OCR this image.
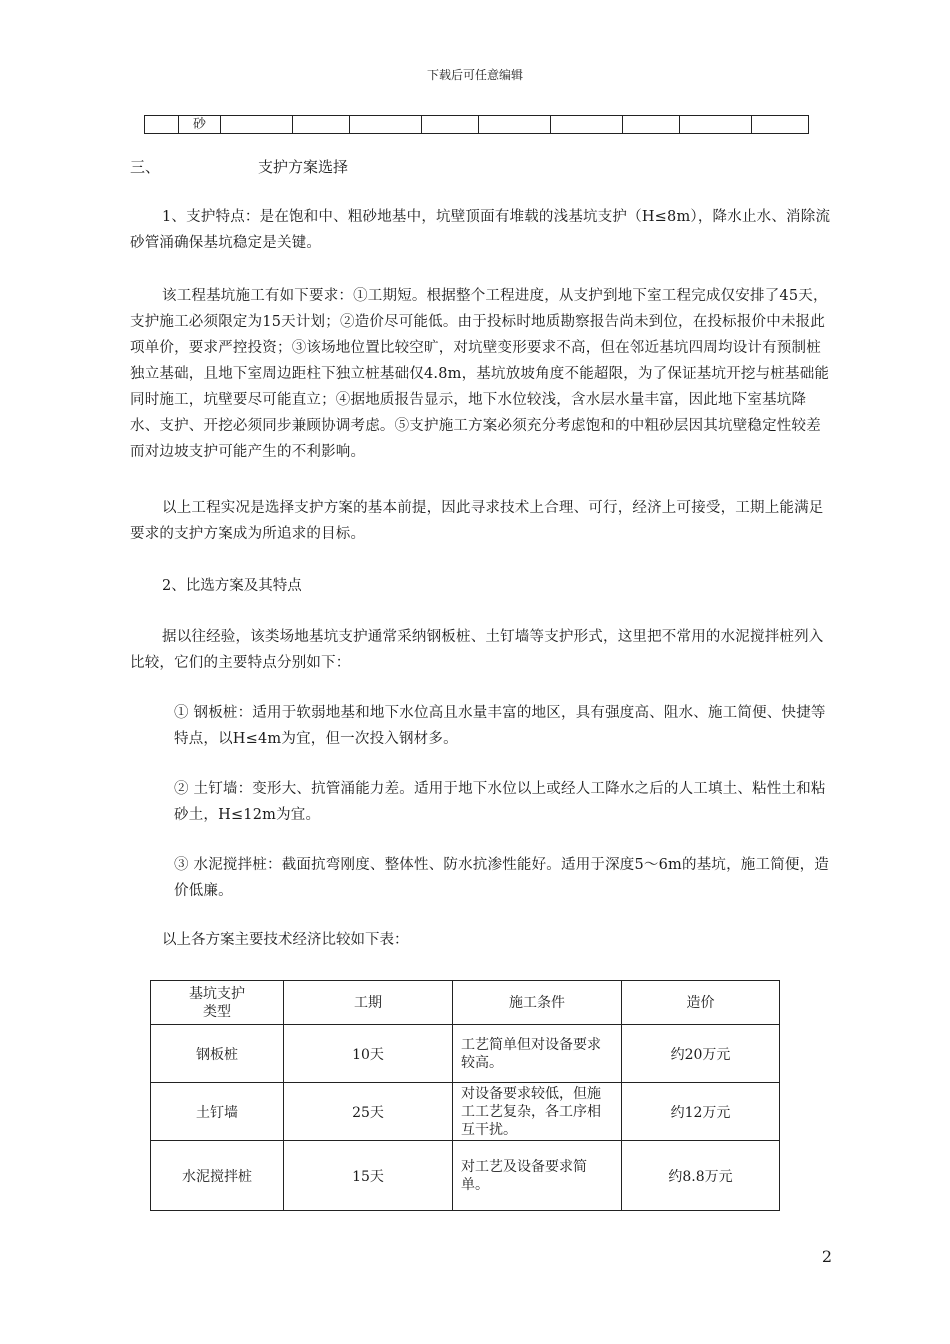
下载后可任意编辑
	砂									
三、	支护方案选择

1、支护特点：是在饱和中、粗砂地基中，坑壁顶面有堆载的浅基坑支护（H≤8m），降水止水、消除流砂管涌确保基坑稳定是关键。

该工程基坑施工有如下要求：①工期短。根据整个工程进度，从支护到地下室工程完成仅安排了45天，支护施工必须限定为15天计划；②造价尽可能低。由于投标时地质勘察报告尚未到位，在投标报价中未报此项单价，要求严控投资；③该场地位置比较空旷，对坑壁变形要求不高，但在邻近基坑四周均设计有预制桩独立基础，且地下室周边距柱下独立桩基础仅4.8m，基坑放坡角度不能超限，为了保证基坑开挖与桩基础能同时施工，坑壁要尽可能直立；④据地质报告显示，地下水位较浅，含水层水量丰富，因此地下室基坑降水、支护、开挖必须同步兼顾协调考虑。⑤支护施工方案必须充分考虑饱和的中粗砂层因其坑壁稳定性较差而对边坡支护可能产生的不利影响。

以上工程实况是选择支护方案的基本前提，因此寻求技术上合理、可行，经济上可接受，工期上能满足要求的支护方案成为所追求的目标。

2、比选方案及其特点

据以往经验，该类场地基坑支护通常采纳钢板桩、土钉墙等支护形式，这里把不常用的水泥搅拌桩列入比较，它们的主要特点分别如下：

① 钢板桩：适用于软弱地基和地下水位高且水量丰富的地区，具有强度高、阻水、施工简便、快捷等特点，以H≤4m为宜，但一次投入钢材多。

② 土钉墙：变形大、抗管涌能力差。适用于地下水位以上或经人工降水之后的人工填土、粘性土和粘砂土，H≤12m为宜。

③ 水泥搅拌桩：截面抗弯刚度、整体性、防水抗渗性能好。适用于深度5～6m的基坑，施工简便，造价低廉。

以上各方案主要技术经济比较如下表：
基坑支护
类型	工期	施工条件	造价
钢板桩	10天	工艺简单但对设备要求较高。	约20万元
土钉墙	25天	对设备要求较低，但施工工艺复杂，各工序相互干扰。	约12万元
水泥搅拌桩	15天	对工艺及设备要求简单。	约8.8万元
2
